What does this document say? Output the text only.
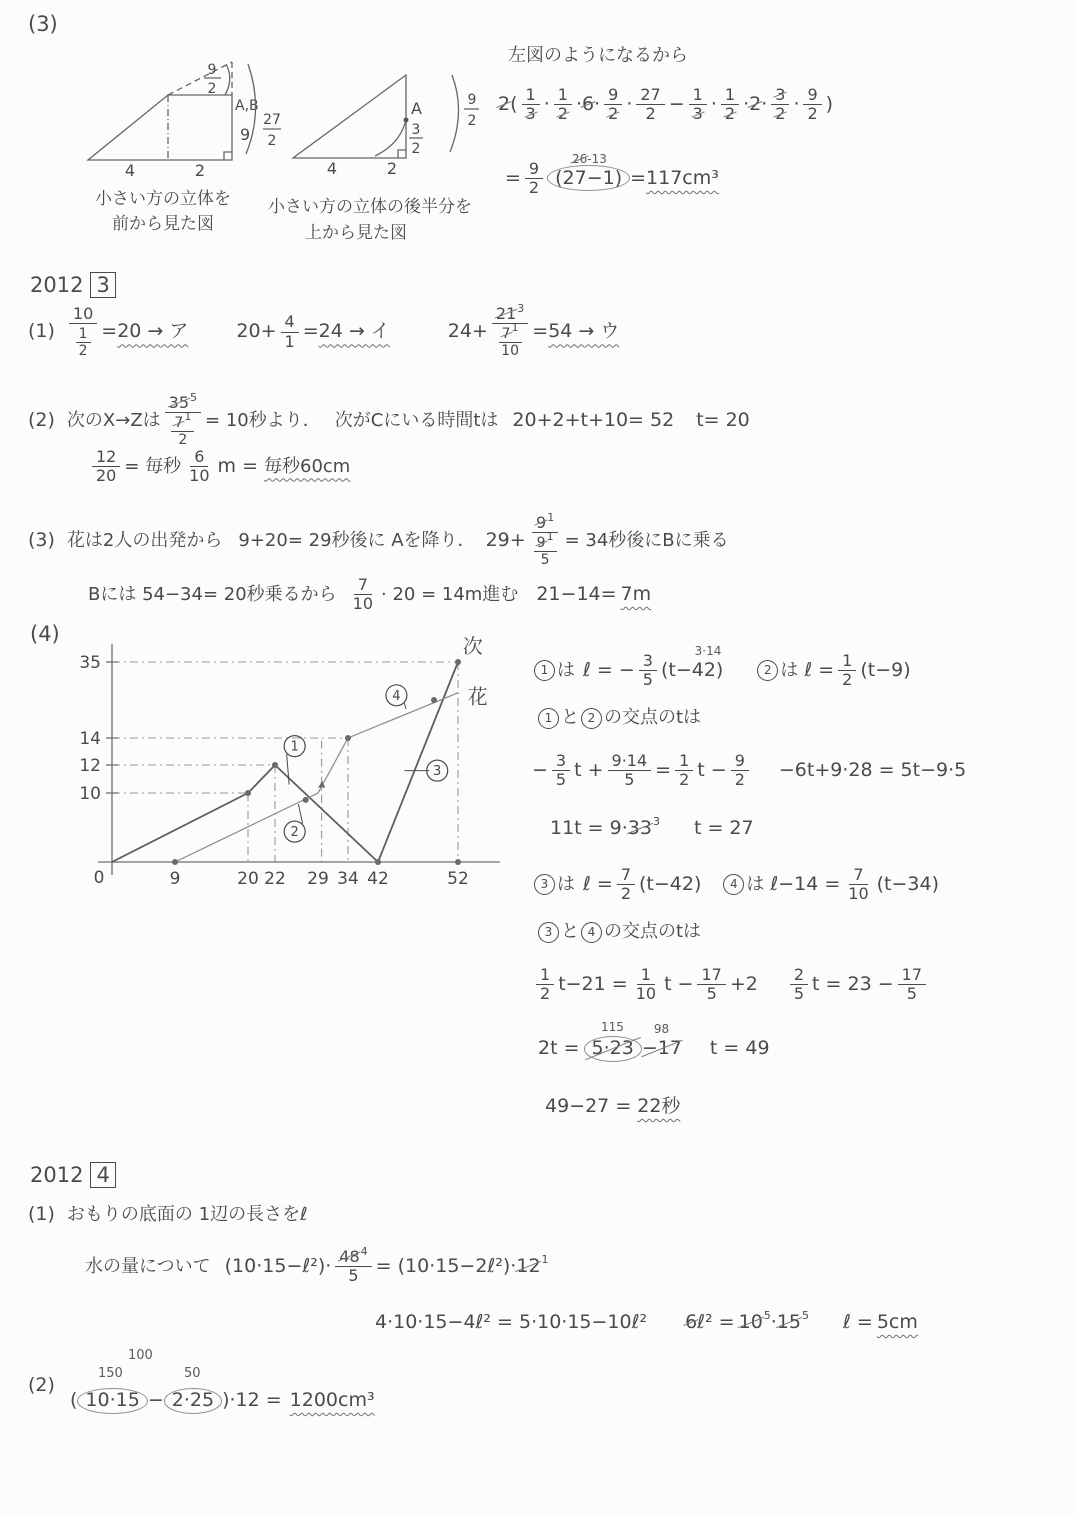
(3)
4	2
9
2
A,B
9
27
2
小さい方の立体を
前から見た図
4	2
A
3
2
9
2
小さい方の立体の後半分を
上から見た図
左図のようになるから
2 ( 1
3 · 1
2 · 6 · 9
$2 \cdot \frac{27}{2} - \frac{1}{3} \cdot 1$
2 · 2 · 3
$2 \cdot \frac{9}{2}$ )
= $\frac{9}{2}$
26-13
(27−1) = 117cm³
2012 3
$(1) \frac{10}{\frac{1}{2}} = 20$ → ア	$20+ \frac{4}{1} = 24$ → イ	$24+ \frac{21^3}{\frac{7^1}{10}} = 54$ → ウ
(2) 次のX→Zは $\frac{35^5}{\frac{7^1}{2}} = 10$秒より． 次がCにいる時間tは 20+2+t+10= 52 t= 20
$\frac{12}{20}$ = 毎秒 $\frac{6}{10}$ m = 毎秒60cm
(3) 花は2人の出発から 9+20= 29秒後に Aを降り． $29+ \frac{9^1}{\frac{9^1}{5}} = 34$秒後にBに乗る
Bには 54−34= 20秒乗るから $\frac{7}{10} \cdot 20 = 14m$進む 21−14= 7m
(4)
35
14
12
10
9	20 22 29 34 42	52
0
次
花
1
2
3
4
1 は ℓ = − $\frac{3}{5}$
3·14
(t−42)	2 は ℓ = $\frac{1}{2} (t-9)$
1 と 2 の交点のtは
− $\frac{3}{5}$ $t + \frac{9\cdot 14}{5} = \frac{1}{2}$ $t - \frac{9}{2} -6t+9\cdot 28 = 5t-9\cdot 5$
11t = 9· 33 3 t = 27
3 は ℓ = $\frac{7}{2} (t-42)$	4 は ℓ−14 = $\frac{7}{10} (t-34)$
3 と 4 の交点のtは
$\frac{1}{2} t-21 = \frac{1}{10}$ $t - \frac{17}{5} +2 \frac{2}{5}$ $t = 23 - \frac{17}{5}$
2t =
115
5·23
98
−17 t = 49
49−27 = 22秒
2012 4
(1) おもりの底面の 1辺の長さをℓ
水の量について (10·15−ℓ²)· $\frac{48^4}{5}$ = (10·15−2ℓ²)· 12 1
4·10·15−4ℓ² = 5·10·15−10ℓ² 6 ℓ² = 10 5 · 15 5 ℓ = 5cm
(2)
100
150	50
( 10·15 − 2·25 )·12 = 1200cm³
